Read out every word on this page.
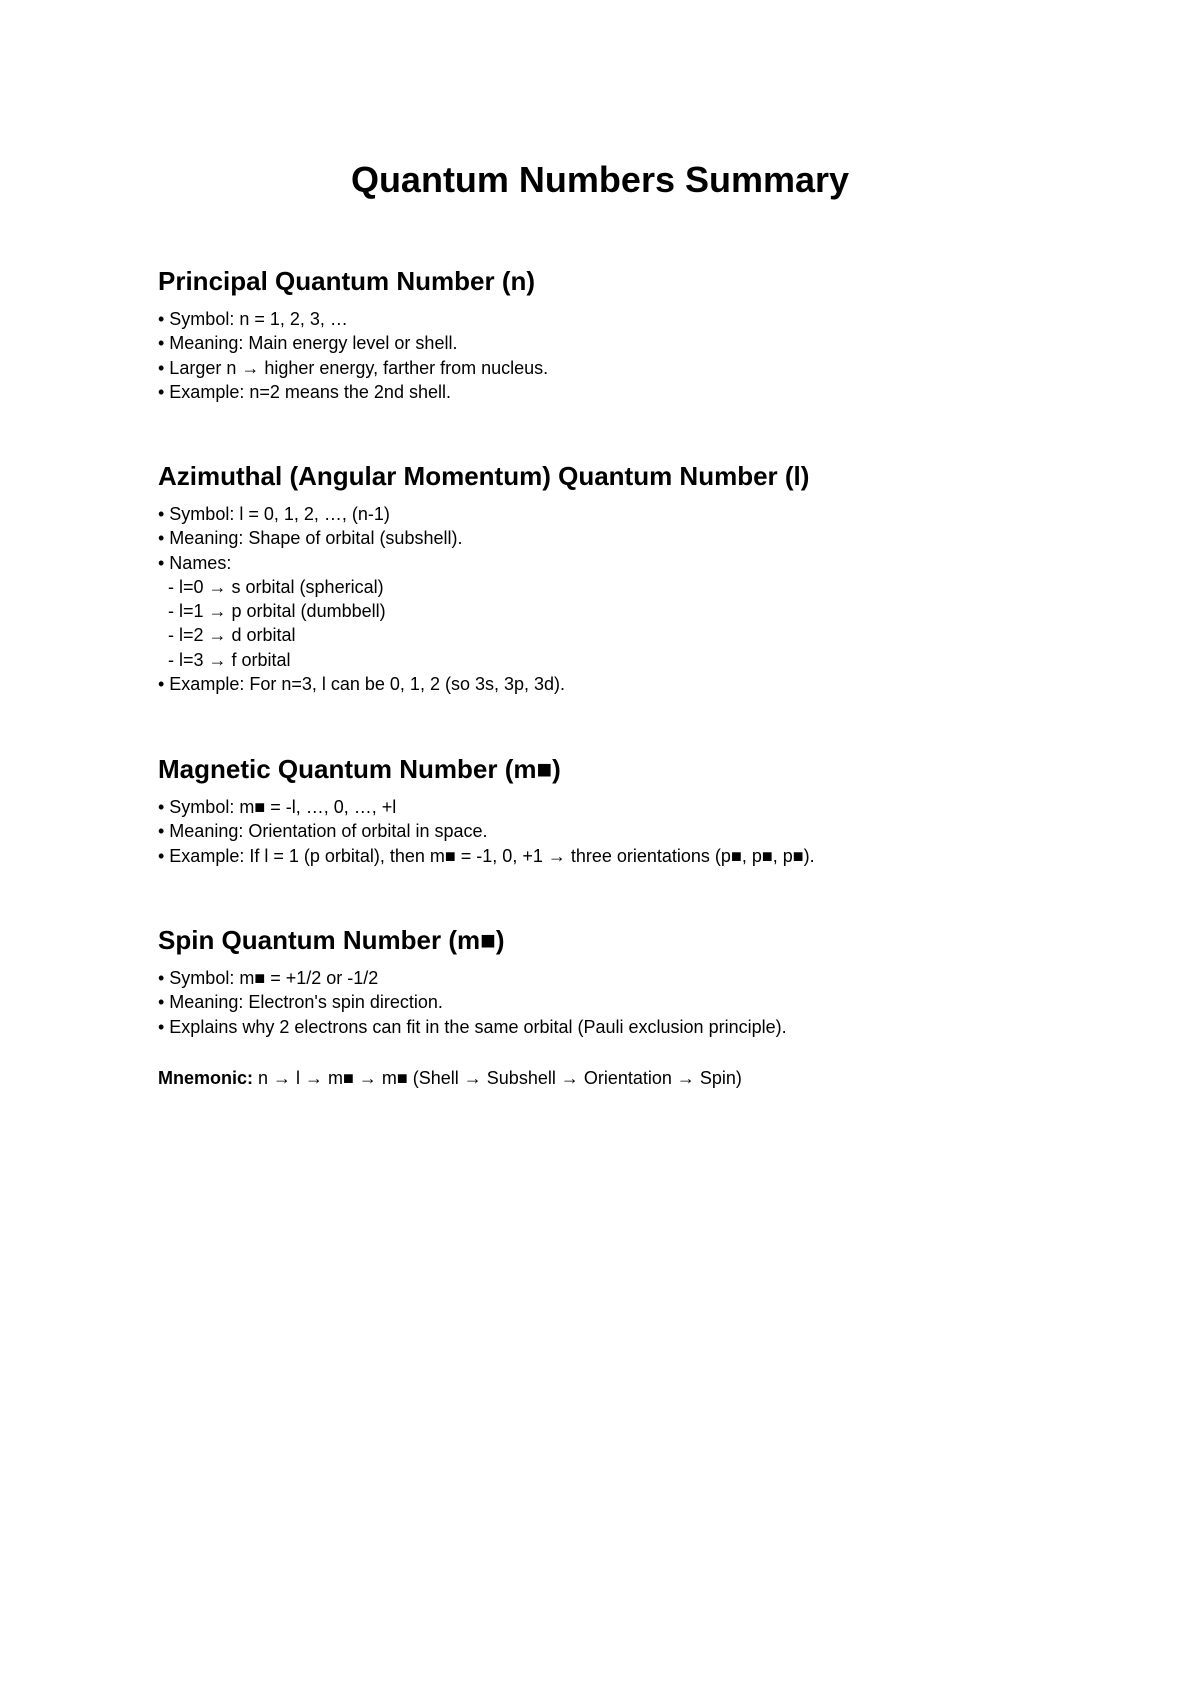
Quantum Numbers Summary
Principal Quantum Number (n)
• Symbol: n = 1, 2, 3, …
• Meaning: Main energy level or shell.
• Larger n → higher energy, farther from nucleus.
• Example: n=2 means the 2nd shell.
Azimuthal (Angular Momentum) Quantum Number (l)
• Symbol: l = 0, 1, 2, …, (n-1)
• Meaning: Shape of orbital (subshell).
• Names:
- l=0 → s orbital (spherical)
- l=1 → p orbital (dumbbell)
- l=2 → d orbital
- l=3 → f orbital
• Example: For n=3, l can be 0, 1, 2 (so 3s, 3p, 3d).
Magnetic Quantum Number (m■)
• Symbol: m■ = -l, …, 0, …, +l
• Meaning: Orientation of orbital in space.
• Example: If l = 1 (p orbital), then m■ = -1, 0, +1 → three orientations (p■, p■, p■).
Spin Quantum Number (m■)
• Symbol: m■ = +1/2 or -1/2
• Meaning: Electron's spin direction.
• Explains why 2 electrons can fit in the same orbital (Pauli exclusion principle).

Mnemonic: n → l → m■ → m■ (Shell → Subshell → Orientation → Spin)
